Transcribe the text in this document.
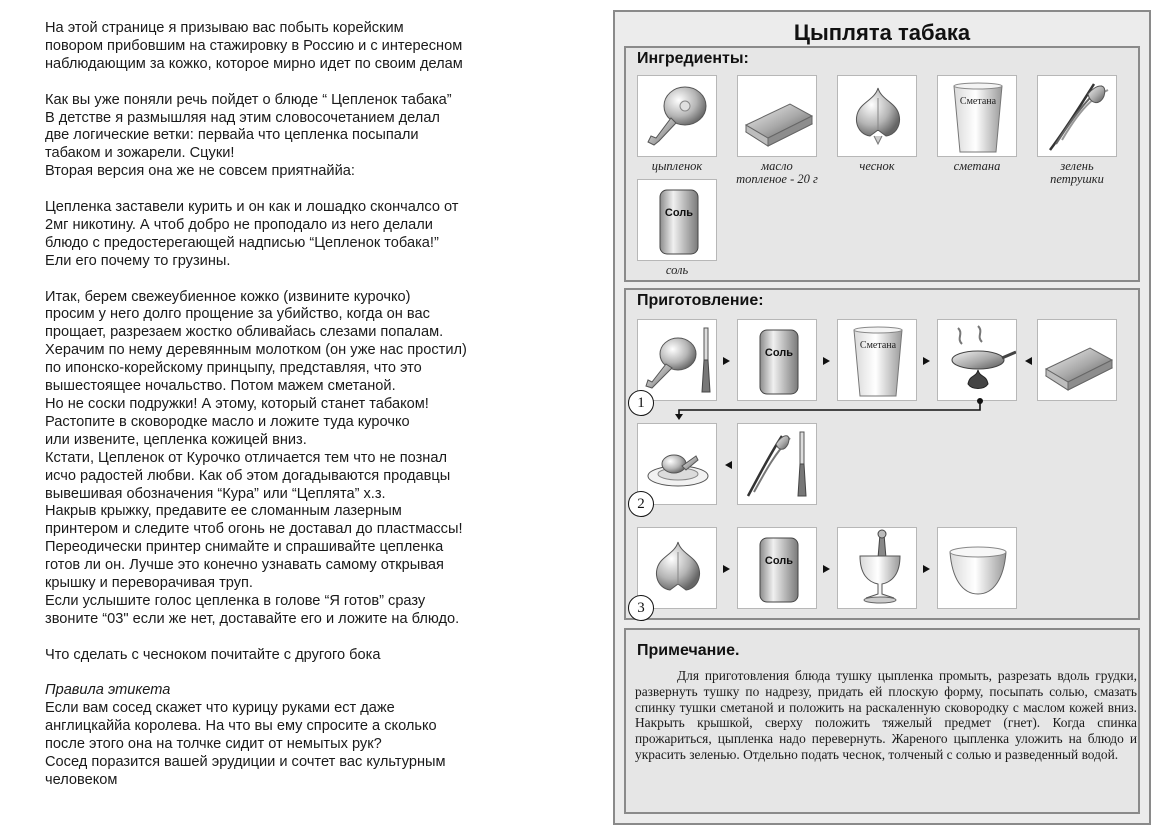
На этой странице я призываю вас побыть корейским
повором прибовшим на стажировку в Россию и с интересном
наблюдающим за кожко, которое мирно идет по своим делам

Как вы уже поняли речь пойдет о блюде “ Цепленок табака”
В детстве я размышляя над этим словосочетанием делал
две логические ветки: первайа что цепленка посыпали
табаком и зожарели. Сцуки!
Вторая версия она же не совсем приятнаййа:

Цепленка заставели курить и он как и лошадко скончалсо от
2мг никотину. А чтоб добро не проподало из него делали
блюдо с предостерегающей надписью “Цепленок тобака!”
Ели его почему то грузины.

Итак, берем свежеубиенное кожко (извините курочко)
просим у него долго прощение за убийство, когда он вас
прощает, разрезаем жостко обливайась слезами попалам.
Херачим по нему деревянным молотком (он уже нас простил)
по ипонско-корейскому принцыпу, представляя, что это
вышестоящее ночальство. Потом мажем сметаной.
Но не соски подружки! А этому, который станет табаком!
Растопите в сковородке масло и ложите туда курочко
или извените, цепленка кожицей вниз.
Кстати, Цепленок от Курочко отличается тем что не познал
исчо радостей любви. Как об этом догадываются продавцы
вывешивая обозначения “Кура” или “Цеплята” х.з.
Накрыв крыжку, предавите ее сломанным лазерным
принтером и следите чтоб огонь не доставал до пластмассы!
Переодически принтер снимайте и спрашивайте цепленка
готов ли он. Лучше это конечно узнавать самому открывая
крышку и переворачивая труп.
Если услышите голос цепленка в голове “Я готов” сразу
звоните “03" если же нет, доставайте его и ложите на блюдо.

Что сделать с чесноком почитайте с другого бока

Правила этикета

Если вам сосед скажет что курицу руками ест даже
англицкаййа королева. На что вы ему спросите а сколько
после этого она на толчке сидит от немытых рук?
Сосед поразится вашей эрудиции и сочтет вас культурным
человеком

Цыплята табака
Ингредиенты:
цыпленок	масло
топленое - 20 г
чеснок
Сметана
сметана	зелень
петрушки
Соль
соль
Приготовление:
Соль
Сметана
1
2
Соль
3
Примечание.
Для приготовления блюда тушку цыпленка промыть, разрезать вдоль грудки, развернуть тушку по надрезу, придать ей плоскую форму, посыпать солью, смазать спинку тушки сметаной и положить на раскаленную сковородку с маслом кожей вниз. Накрыть крышкой, сверху положить тяжелый предмет (гнет). Когда спинка прожариться, цыпленка надо перевернуть. Жареного цыпленка уложить на блюдо и украсить зеленью. Отдельно подать чеснок, толченый с солью и разведенный водой.
